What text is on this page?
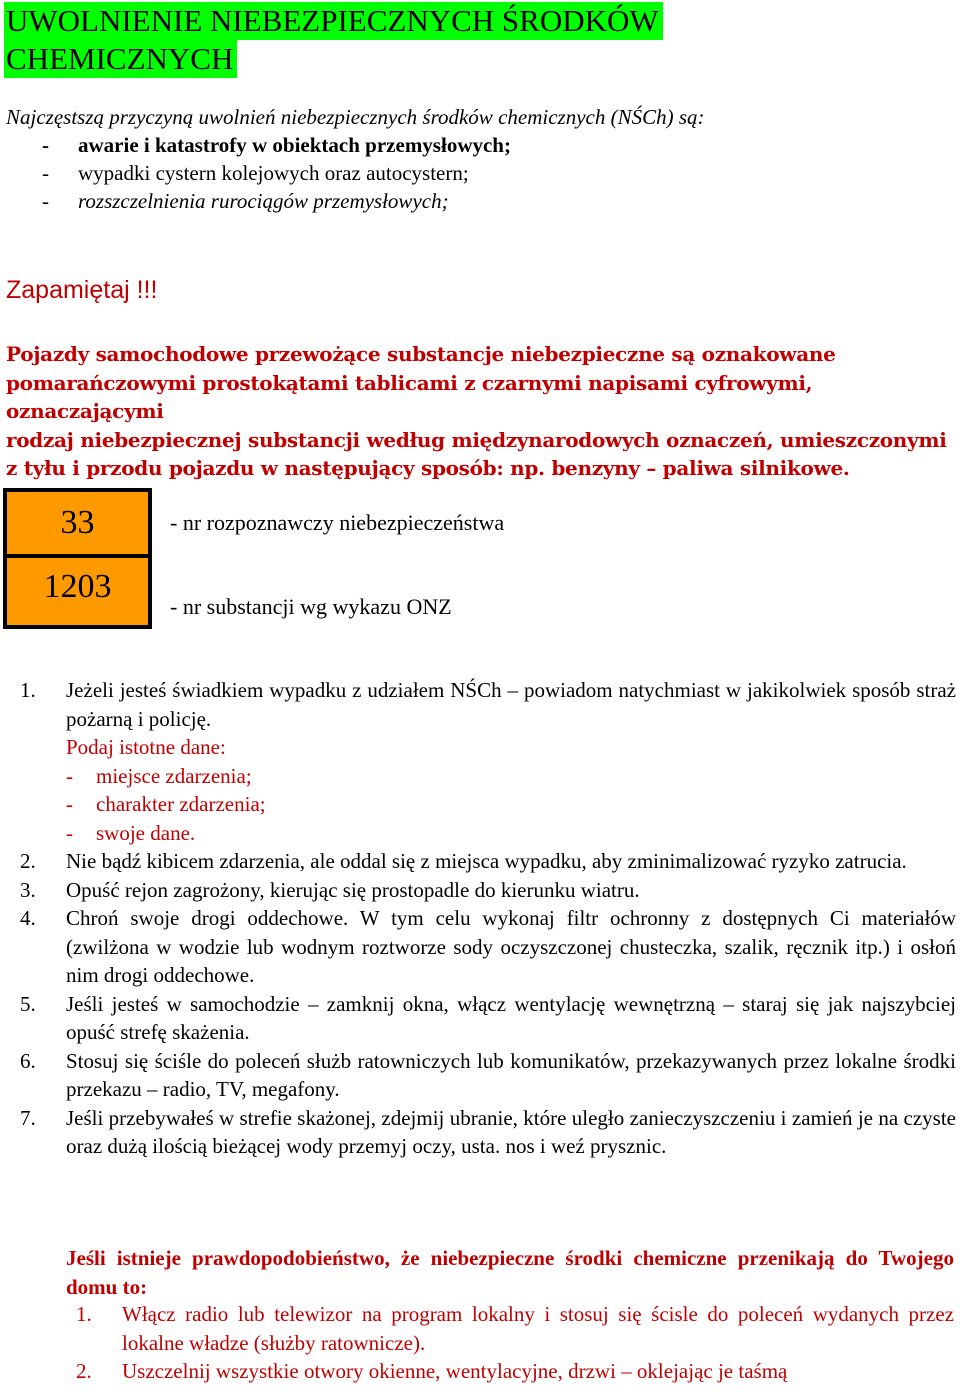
UWOLNIENIE NIEBEZPIECZNYCH ŚRODKÓW
CHEMICZNYCH
Najczęstszą przyczyną uwolnień niebezpiecznych środków chemicznych (NŚCh) są:
- awarie i katastrofy w obiektach przemysłowych;
- wypadki cystern kolejowych oraz autocystern;
- rozszczelnienia rurociągów przemysłowych;
Zapamiętaj !!!
Pojazdy samochodowe przewożące substancje niebezpieczne są oznakowane
pomarańczowymi prostokątami tablicami z czarnymi napisami cyfrowymi, oznaczającymi
rodzaj niebezpiecznej substancji według międzynarodowych oznaczeń, umieszczonymi
z tyłu i przodu pojazdu w następujący sposób: np. benzyny – paliwa silnikowe.
33
1203
- nr rozpoznawczy niebezpieczeństwa
- nr substancji wg wykazu ONZ
1. Jeżeli jesteś świadkiem wypadku z udziałem NŚCh – powiadom natychmiast w jakikolwiek sposób straż pożarną i policję.
Podaj istotne dane:
- miejsce zdarzenia;
- charakter zdarzenia;
- swoje dane.
2. Nie bądź kibicem zdarzenia, ale oddal się z miejsca wypadku, aby zminimalizować ryzyko zatrucia.
3. Opuść rejon zagrożony, kierując się prostopadle do kierunku wiatru.
4. Chroń swoje drogi oddechowe. W tym celu wykonaj filtr ochronny z dostępnych Ci materiałów (zwilżona w wodzie lub wodnym roztworze sody oczyszczonej chusteczka, szalik, ręcznik itp.) i osłoń nim drogi oddechowe.
5. Jeśli jesteś w samochodzie – zamknij okna, włącz wentylację wewnętrzną – staraj się jak najszybciej opuść strefę skażenia.
6. Stosuj się ściśle do poleceń służb ratowniczych lub komunikatów, przekazywanych przez lokalne środki przekazu – radio, TV, megafony.
7. Jeśli przebywałeś w strefie skażonej, zdejmij ubranie, które uległo zanieczyszczeniu i zamień je na czyste oraz dużą ilością bieżącej wody przemyj oczy, usta. nos i weź prysznic.
Jeśli istnieje prawdopodobieństwo, że niebezpieczne środki chemiczne przenikają do Twojego domu to:
1. Włącz radio lub telewizor na program lokalny i stosuj się ścisle do poleceń wydanych przez lokalne władze (służby ratownicze).
2. Uszczelnij wszystkie otwory okienne, wentylacyjne, drzwi – oklejając je taśmą
